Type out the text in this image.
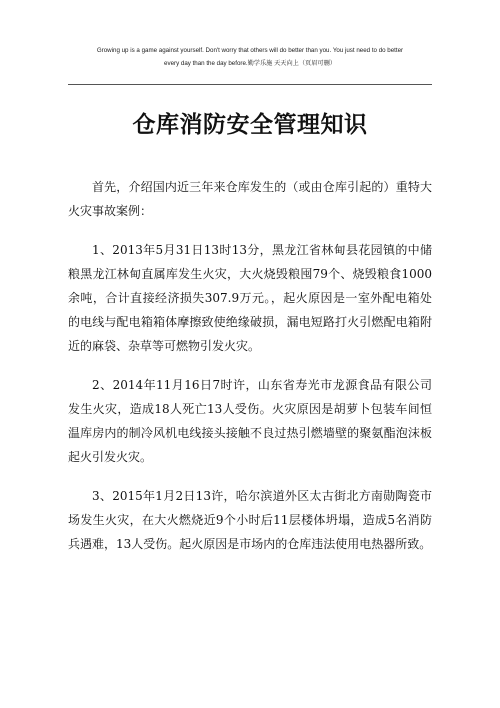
Growing up is a game against yourself. Don't worry that others will do better than you. You just need to do better
every day than the day before.勤学乐施 天天向上（页眉可删）
仓库消防安全管理知识

首先，介绍国内近三年来仓库发生的（或由仓库引起的）重特大火灾事故案例：

1、2013年5月31日13时13分，黑龙江省林甸县花园镇的中储粮黑龙江林甸直属库发生火灾，大火烧毁粮囤79个、烧毁粮食1000余吨，合计直接经济损失307.9万元。，起火原因是一室外配电箱处的电线与配电箱箱体摩擦致使绝缘破损，漏电短路打火引燃配电箱附近的麻袋、杂草等可燃物引发火灾。

2、2014年11月16日7时许，山东省寿光市龙源食品有限公司发生火灾，造成18人死亡13人受伤。火灾原因是胡萝卜包装车间恒温库房内的制冷风机电线接头接触不良过热引燃墙壁的聚氨酯泡沫板起火引发火灾。

3、2015年1月2日13许，哈尔滨道外区太古街北方南勋陶瓷市场发生火灾，在大火燃烧近9个小时后11层楼体坍塌，造成5名消防兵遇难，13人受伤。起火原因是市场内的仓库违法使用电热器所致。
